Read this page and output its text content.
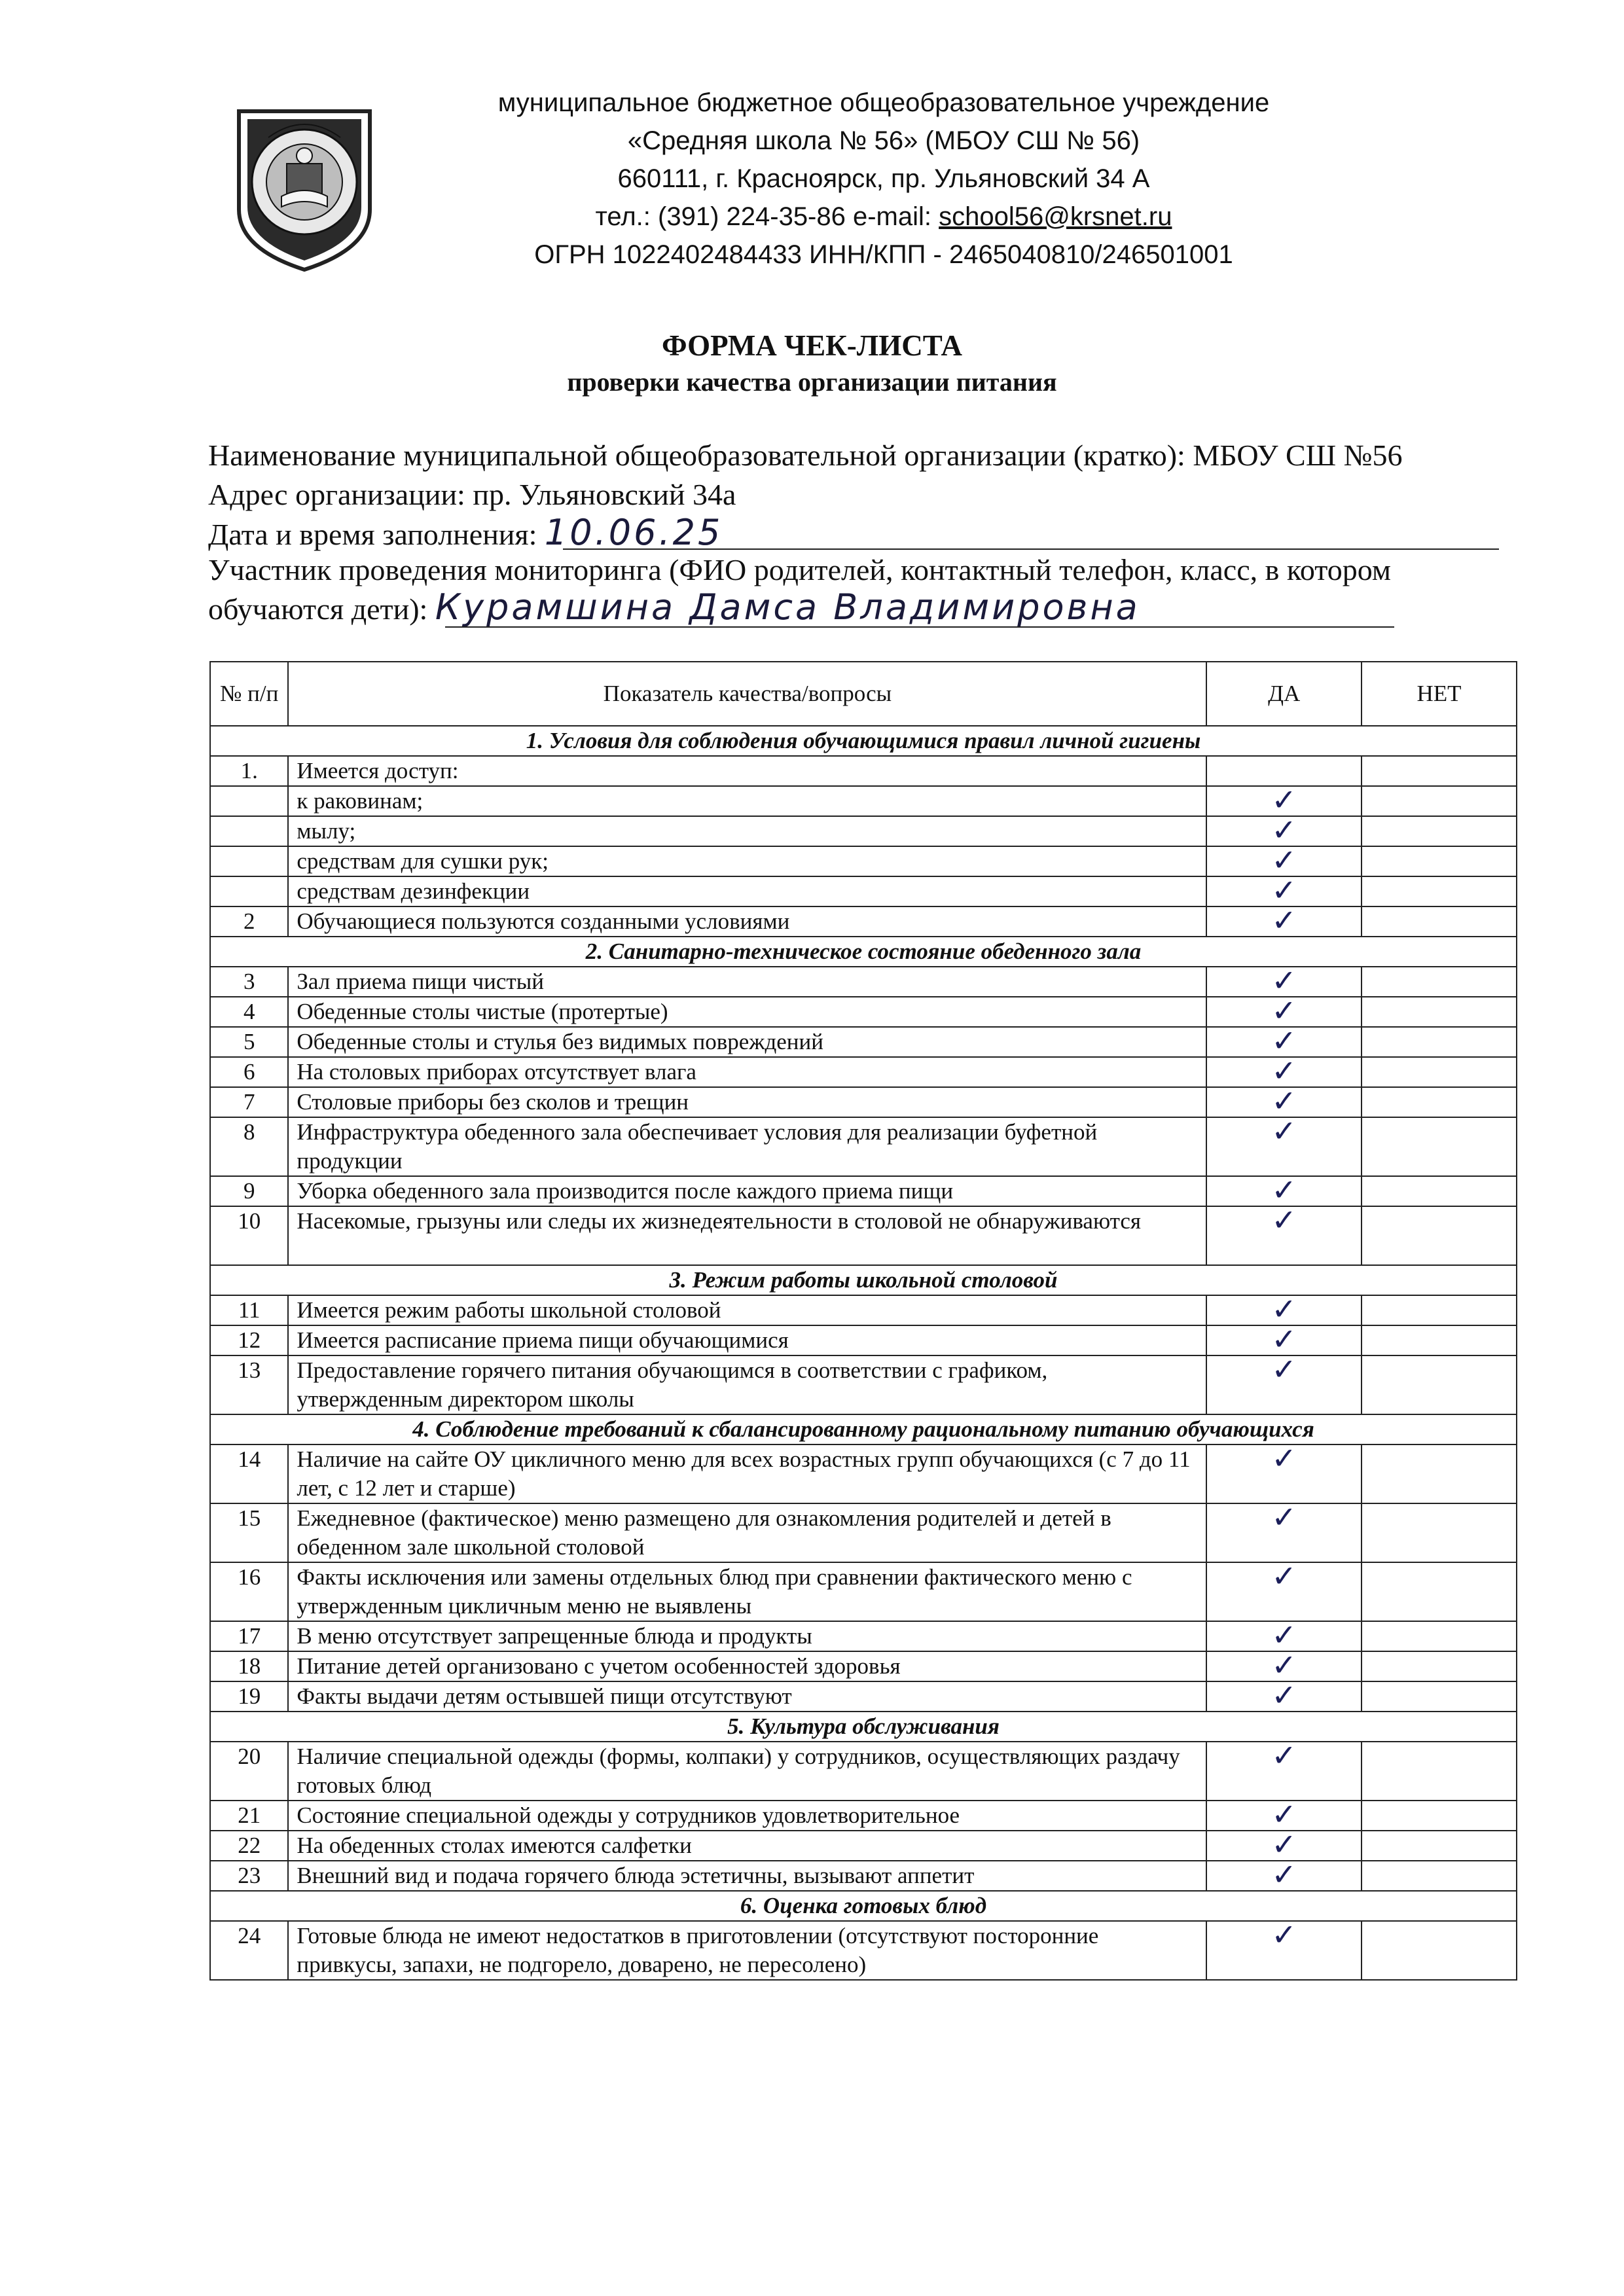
муниципальное бюджетное общеобразовательное учреждение
«Средняя школа № 56» (МБОУ СШ № 56)
660111, г. Красноярск, пр. Ульяновский 34 А
тел.: (391) 224-35-86 e-mail: school56@krsnet.ru
ОГРН 1022402484433 ИНН/КПП - 2465040810/246501001
ФОРМА ЧЕК-ЛИСТА
проверки качества организации питания
Наименование муниципальной общеобразовательной организации (кратко): МБОУ СШ №56
Адрес организации: пр. Ульяновский 34а
Дата и время заполнения: 10.06.25
Участник проведения мониторинга (ФИО родителей, контактный телефон, класс, в котором
обучаются дети): Курамшина Дамса Владимировна
№ п/п	Показатель качества/вопросы	ДА	НЕТ
1. Условия для соблюдения обучающимися правил личной гигиены			
1.	Имеется доступ:		
	к раковинам;	✓	
	мылу;	✓	
	средствам для сушки рук;	✓	
	средствам дезинфекции	✓	
2	Обучающиеся пользуются созданными условиями	✓	
2. Санитарно-техническое состояние обеденного зала			
3	Зал приема пищи чистый	✓	
4	Обеденные столы чистые (протертые)	✓	
5	Обеденные столы и стулья без видимых повреждений	✓	
6	На столовых приборах отсутствует влага	✓	
7	Столовые приборы без сколов и трещин	✓	
8	Инфраструктура обеденного зала обеспечивает условия для реализации буфетной продукции	✓	
9	Уборка обеденного зала производится после каждого приема пищи	✓	
10	Насекомые, грызуны или следы их жизнедеятельности в столовой не обнаруживаются	✓	
3. Режим работы школьной столовой			
11	Имеется режим работы школьной столовой	✓	
12	Имеется расписание приема пищи обучающимися	✓	
13	Предоставление горячего питания обучающимся в соответствии с графиком, утвержденным директором школы	✓	
4. Соблюдение требований к сбалансированному рациональному питанию обучающихся			
14	Наличие на сайте ОУ цикличного меню для всех возрастных групп обучающихся (с 7 до 11 лет, с 12 лет и старше)	✓	
15	Ежедневное (фактическое) меню размещено для ознакомления родителей и детей в обеденном зале школьной столовой	✓	
16	Факты исключения или замены отдельных блюд при сравнении фактического меню с утвержденным цикличным меню не выявлены	✓	
17	В меню отсутствует запрещенные блюда и продукты	✓	
18	Питание детей организовано с учетом особенностей здоровья	✓	
19	Факты выдачи детям остывшей пищи отсутствуют	✓	
5. Культура обслуживания			
20	Наличие специальной одежды (формы, колпаки) у сотрудников, осуществляющих раздачу готовых блюд	✓	
21	Состояние специальной одежды у сотрудников удовлетворительное	✓	
22	На обеденных столах имеются салфетки	✓	
23	Внешний вид и подача горячего блюда эстетичны, вызывают аппетит	✓	
6. Оценка готовых блюд			
24	Готовые блюда не имеют недостатков в приготовлении (отсутствуют посторонние привкусы, запахи, не подгорело, доварено, не пересолено)	✓	
